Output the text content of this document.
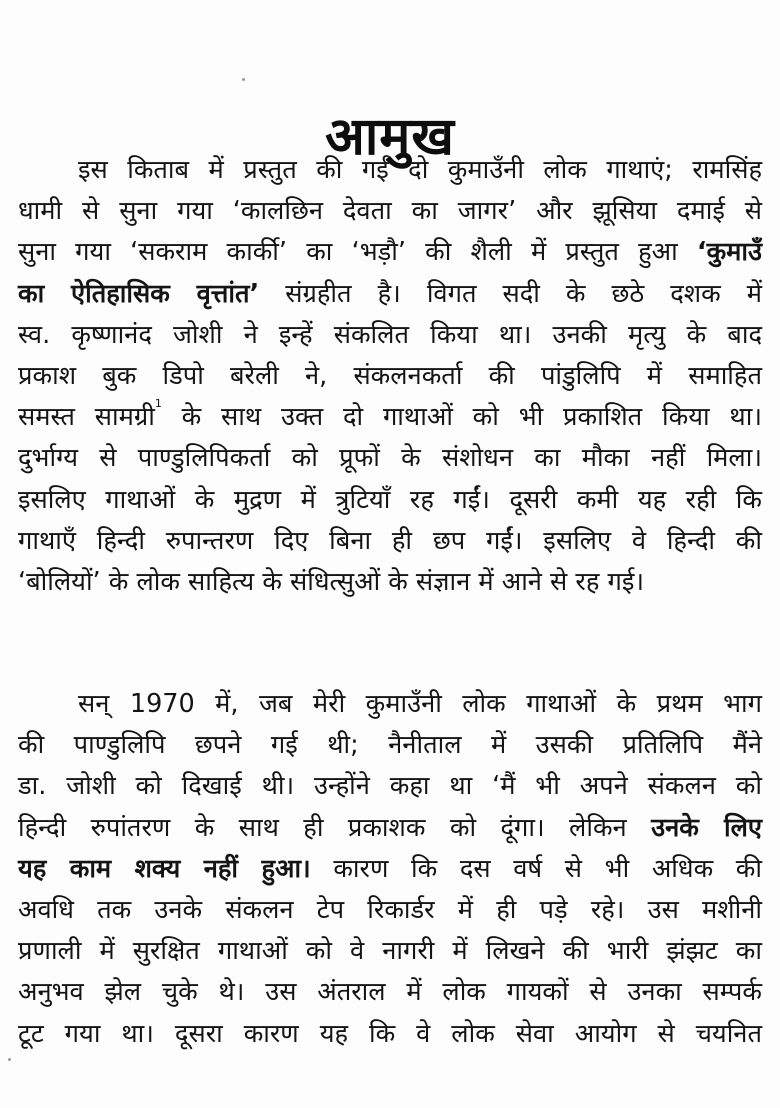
आमुख
इस किताब में प्रस्तुत की गई दो कुमाउँनी लोक गाथाएं; रामसिंह
धामी से सुना गया ‘कालछिन देवता का जागर’ और झूसिया दमाई से
सुना गया ‘सकराम कार्की’ का ‘भड़ौ’ की शैली में प्रस्तुत हुआ ‘कुमाउँ
का ऐतिहासिक वृत्तांत’ संग्रहीत है। विगत सदी के छठे दशक में
स्व. कृष्णानंद जोशी ने इन्हें संकलित किया था। उनकी मृत्यु के बाद
प्रकाश बुक डिपो बरेली ने, संकलनकर्ता की पांडुलिपि में समाहित
समस्त सामग्री$^1$ के साथ उक्त दो गाथाओं को भी प्रकाशित किया था।
दुर्भाग्य से पाण्डुलिपिकर्ता को प्रूफों के संशोधन का मौका नहीं मिला।
इसलिए गाथाओं के मुद्रण में त्रुटियाँ रह गईं। दूसरी कमी यह रही कि
गाथाएँ हिन्दी रुपान्तरण दिए बिना ही छप गईं। इसलिए वे हिन्दी की
‘बोलियों’ के लोक साहित्य के संधित्सुओं के संज्ञान में आने से रह गई।
सन् 1970 में, जब मेरी कुमाउँनी लोक गाथाओं के प्रथम भाग
की पाण्डुलिपि छपने गई थी; नैनीताल में उसकी प्रतिलिपि मैंने
डा. जोशी को दिखाई थी। उन्होंने कहा था ‘मैं भी अपने संकलन को
हिन्दी रुपांतरण के साथ ही प्रकाशक को दूंगा। लेकिन उनके लिए
यह काम शक्य नहीं हुआ। कारण कि दस वर्ष से भी अधिक की
अवधि तक उनके संकलन टेप रिकार्डर में ही पड़े रहे। उस मशीनी
प्रणाली में सुरक्षित गाथाओं को वे नागरी में लिखने की भारी झंझट का
अनुभव झेल चुके थे। उस अंतराल में लोक गायकों से उनका सम्पर्क
टूट गया था। दूसरा कारण यह कि वे लोक सेवा आयोग से चयनित
